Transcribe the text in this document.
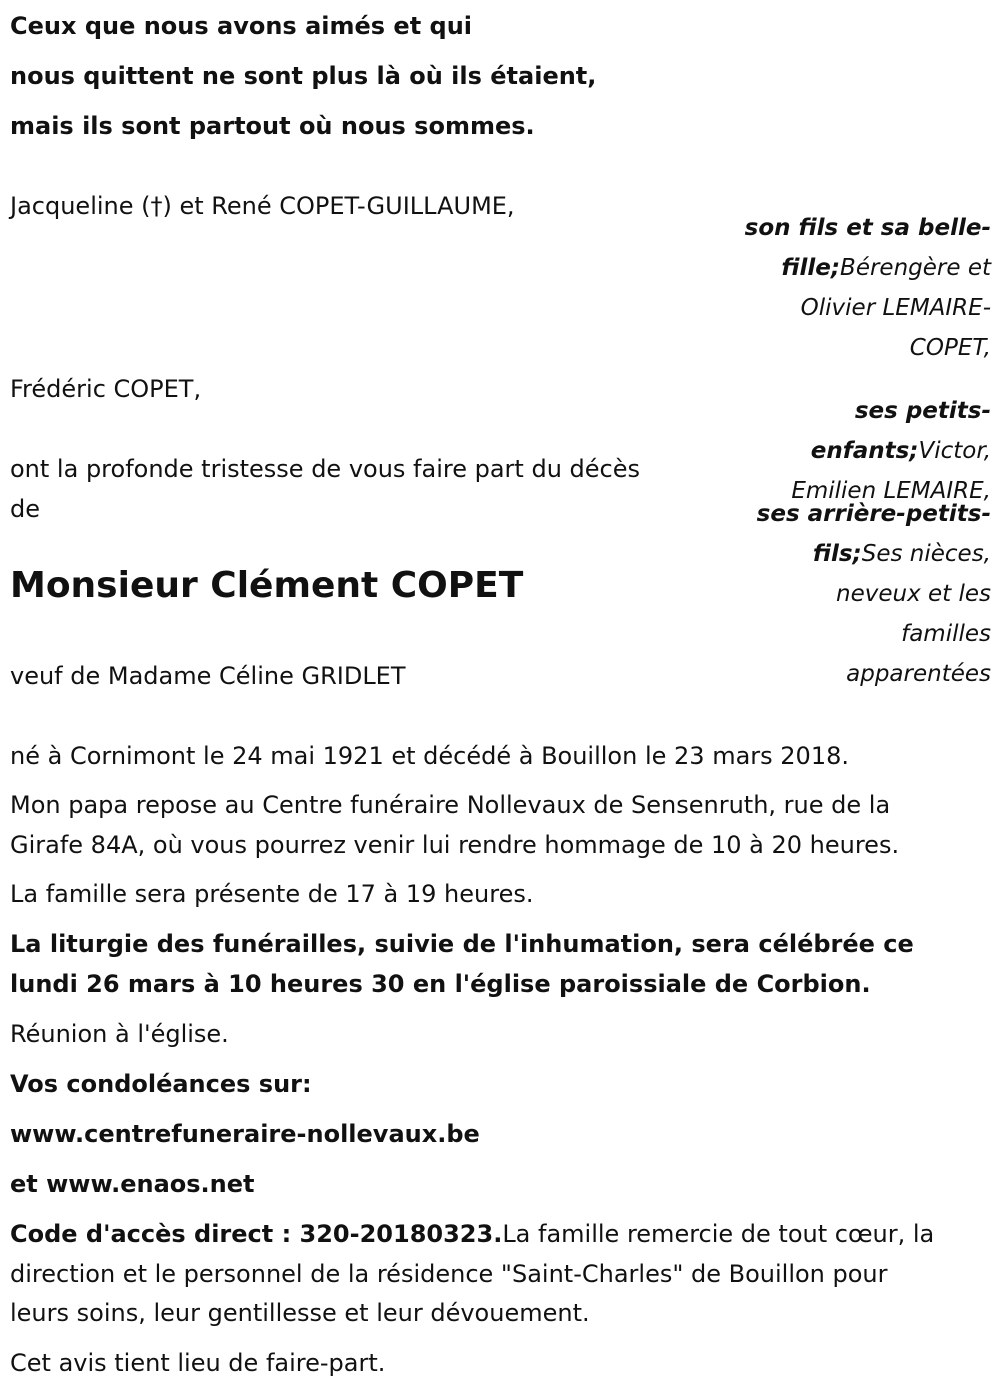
Ceux que nous avons aimés et qui

nous quittent ne sont plus là où ils étaient,

mais ils sont partout où nous sommes.

Jacqueline (†) et René COPET-GUILLAUME,

Frédéric COPET,

ont la profonde tristesse de vous faire part du décès

de

son fils et sa belle-

fille;Bérengère et

Olivier LEMAIRE-

COPET,

ses petits-

enfants;Victor,

Emilien LEMAIRE,

ses arrière-petits-

fils;Ses nièces,

neveux et les

familles

apparentées

Monsieur Clément COPET

veuf de Madame Céline GRIDLET

né à Cornimont le 24 mai 1921 et décédé à Bouillon le 23 mars 2018.

Mon papa repose au Centre funéraire Nollevaux de Sensenruth, rue de la

Girafe 84A, où vous pourrez venir lui rendre hommage de 10 à 20 heures.

La famille sera présente de 17 à 19 heures.

La liturgie des funérailles, suivie de l'inhumation, sera célébrée ce

lundi 26 mars à 10 heures 30 en l'église paroissiale de Corbion.

Réunion à l'église.

Vos condoléances sur:

www.centrefuneraire-nollevaux.be

et www.enaos.net

Code d'accès direct : 320-20180323.La famille remercie de tout cœur, la

direction et le personnel de la résidence "Saint-Charles" de Bouillon pour

leurs soins, leur gentillesse et leur dévouement.

Cet avis tient lieu de faire-part.
